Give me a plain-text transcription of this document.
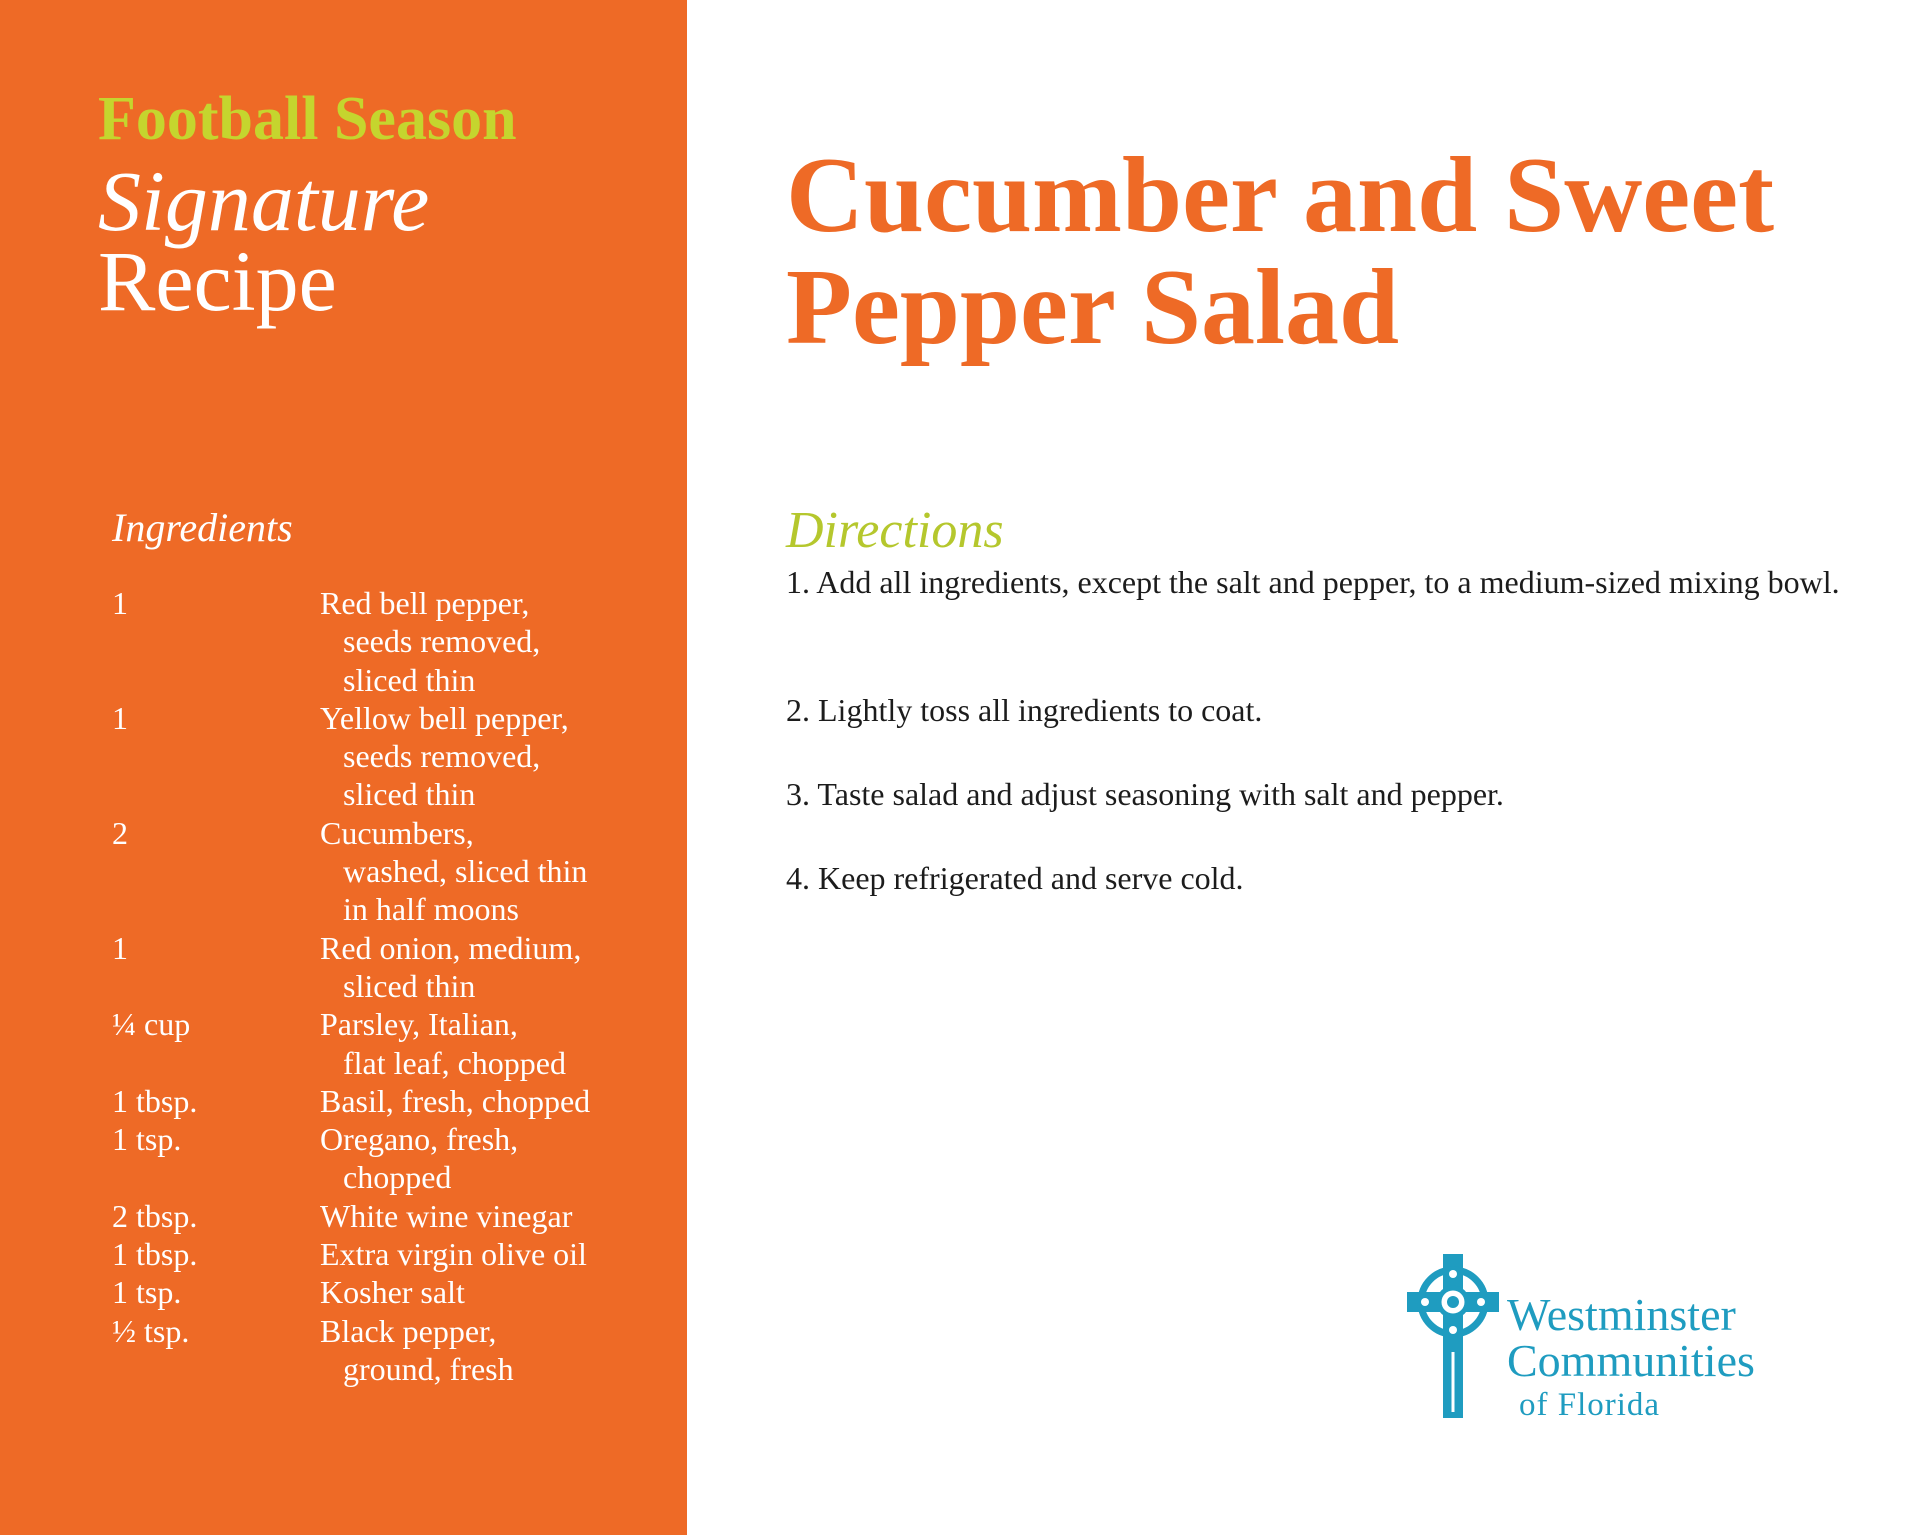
Football Season
Signature
Recipe
Ingredients
1	Red bell pepper,
seeds removed,
sliced thin
1	Yellow bell pepper,
seeds removed,
sliced thin
2	Cucumbers,
washed, sliced thin
in half moons
1	Red onion, medium,
sliced thin
¼ cup	Parsley, Italian,
flat leaf, chopped
1 tbsp.	Basil, fresh, chopped
1 tsp.	Oregano, fresh,
chopped
2 tbsp.	White wine vinegar
1 tbsp.	Extra virgin olive oil
1 tsp.	Kosher salt
½ tsp.	Black pepper,
ground, fresh
Cucumber and Sweet
Pepper Salad
Directions
1. Add all ingredients, except the salt and pepper, to a medium-sized mixing bowl.
2. Lightly toss all ingredients to coat.
3. Taste salad and adjust seasoning with salt and pepper.
4. Keep refrigerated and serve cold.
Westminster
Communities
of Florida
